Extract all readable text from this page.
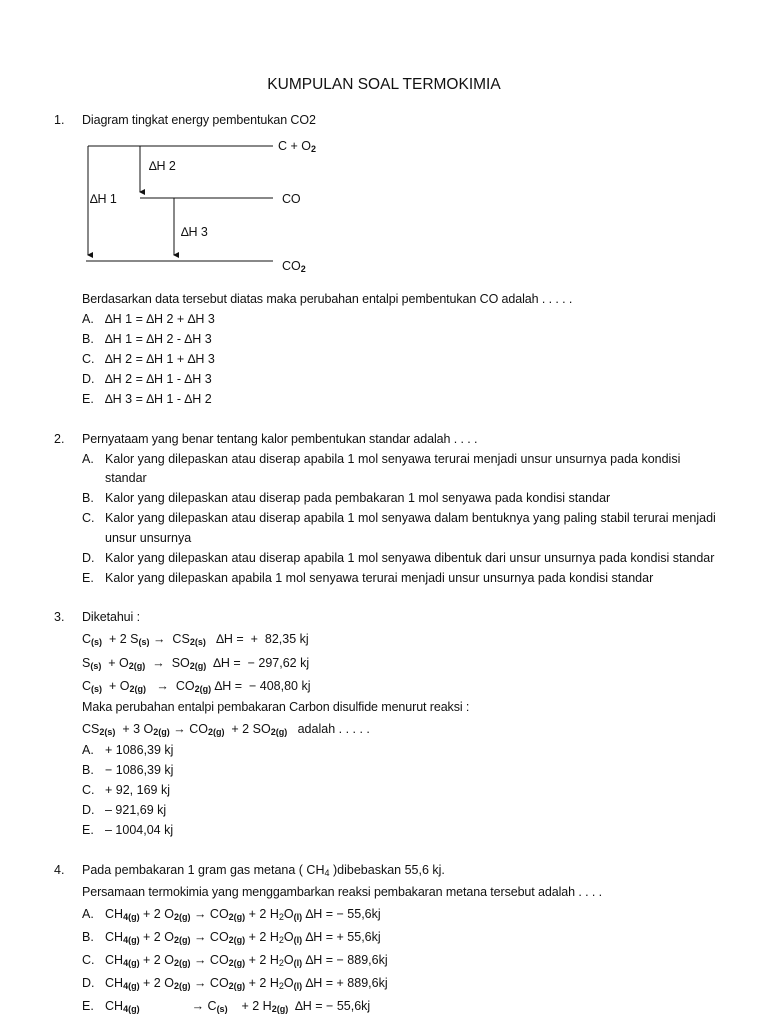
KUMPULAN SOAL TERMOKIMIA
1. Diagram tingkat energy pembentukan CO2
$C + O_2$
CO
$CO_2$
∆H 1
∆H 2
∆H 3
Berdasarkan data tersebut diatas maka perubahan entalpi pembentukan CO adalah . . . . .
A. ∆H 1 = ∆H 2 + ∆H 3
B. ∆H 1 = ∆H 2 - ∆H 3
C. ∆H 2 = ∆H 1 + ∆H 3
D. ∆H 2 = ∆H 1 - ∆H 3
E. ∆H 3 = ∆H 1 - ∆H 2
2. Pernyataam yang benar tentang kalor pembentukan standar adalah . . . .
A. Kalor yang dilepaskan atau diserap apabila 1 mol senyawa terurai menjadi unsur unsurnya pada kondisi
standar
B. Kalor yang dilepaskan atau diserap pada pembakaran 1 mol senyawa pada kondisi standar
C. Kalor yang dilepaskan atau diserap apabila 1 mol senyawa dalam bentuknya yang paling stabil terurai menjadi
unsur unsurnya
D. Kalor yang dilepaskan atau diserap apabila 1 mol senyawa dibentuk dari unsur unsurnya pada kondisi standar
E. Kalor yang dilepaskan apabila 1 mol senyawa terurai menjadi unsur unsurnya pada kondisi standar
3. Diketahui :
$C_{(s)} + 2$ $S_{(s)} \to CS_{2(s)}$   ∆H =  +  82,35 kj
$S_{(s)} + O_{2(g)} \to SO_{2(g)}$  ∆H =  − 297,62 kj
$C_{(s)} + O_{2(g)} \to CO_{2(g)}$ ∆H =  − 408,80 kj
Maka perubahan entalpi pembakaran Carbon disulfide menurut reaksi :
$CS_{2(s)} + 3$ $O_{2(g)} \to CO_{2(g)} + 2$ $SO_{2(g)}$ adalah . . . . .
A. + 1086,39 kj
B. − 1086,39 kj
C. + 92, 169 kj
D. – 921,69 kj
E. – 1004,04 kj
4. Pada pembakaran 1 gram gas metana ( $CH_4$ )dibebaskan 55,6 kj.
Persamaan termokimia yang menggambarkan reaksi pembakaran metana tersebut adalah . . . .
A. $CH_{4(g)} + 2$ $O_{2(g)} \to CO_{2(g)} + 2$ $H_2O_{(l)}$ ∆H = − 55,6kj
B. $CH_{4(g)} + 2$ $O_{2(g)} \to CO_{2(g)} + 2$ $H_2O_{(l)}$ ∆H = + 55,6kj
C. $CH_{4(g)} + 2$ $O_{2(g)} \to CO_{2(g)} + 2$ $H_2O_{(l)}$ ∆H = − 889,6kj
D. $CH_{4(g)} + 2$ $O_{2(g)} \to CO_{2(g)} + 2$ $H_2O_{(l)}$ ∆H = + 889,6kj
E. $CH_{4(g)}$	→ $C_{(s)}$    + 2 $H_{2(g)}$ ∆H = − 55,6kj
